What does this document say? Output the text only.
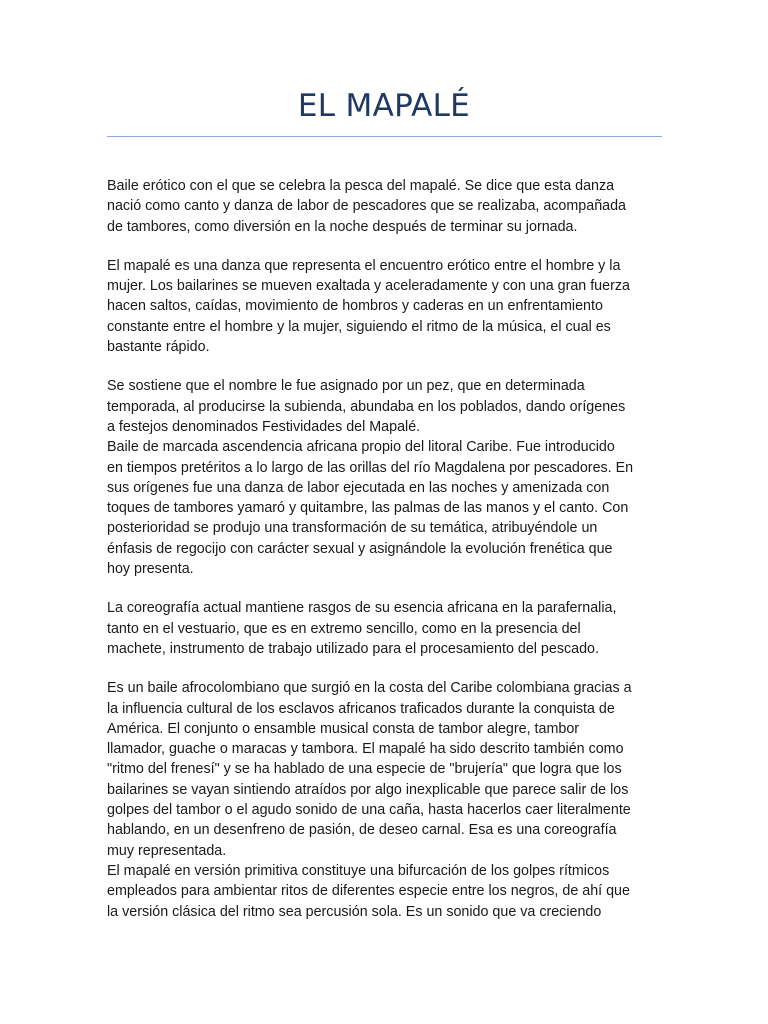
EL MAPALÉ

Baile erótico con el que se celebra la pesca del mapalé. Se dice que esta danza
nació como canto y danza de labor de pescadores que se realizaba, acompañada
de tambores, como diversión en la noche después de terminar su jornada.

El mapalé es una danza que representa el encuentro erótico entre el hombre y la
mujer. Los bailarines se mueven exaltada y aceleradamente y con una gran fuerza
hacen saltos, caídas, movimiento de hombros y caderas en un enfrentamiento
constante entre el hombre y la mujer, siguiendo el ritmo de la música, el cual es
bastante rápido.

Se sostiene que el nombre le fue asignado por un pez, que en determinada
temporada, al producirse la subienda, abundaba en los poblados, dando orígenes
a festejos denominados Festividades del Mapalé.

Baile de marcada ascendencia africana propio del litoral Caribe. Fue introducido
en tiempos pretéritos a lo largo de las orillas del río Magdalena por pescadores. En
sus orígenes fue una danza de labor ejecutada en las noches y amenizada con
toques de tambores yamaró y quitambre, las palmas de las manos y el canto. Con
posterioridad se produjo una transformación de su temática, atribuyéndole un
énfasis de regocijo con carácter sexual y asignándole la evolución frenética que
hoy presenta.

La coreografía actual mantiene rasgos de su esencia africana en la parafernalia,
tanto en el vestuario, que es en extremo sencillo, como en la presencia del
machete, instrumento de trabajo utilizado para el procesamiento del pescado.

Es un baile afrocolombiano que surgió en la costa del Caribe colombiana gracias a
la influencia cultural de los esclavos africanos traficados durante la conquista de
América. El conjunto o ensamble musical consta de tambor alegre, tambor
llamador, guache o maracas y tambora. El mapalé ha sido descrito también como
"ritmo del frenesí" y se ha hablado de una especie de "brujería" que logra que los
bailarines se vayan sintiendo atraídos por algo inexplicable que parece salir de los
golpes del tambor o el agudo sonido de una caña, hasta hacerlos caer literalmente
hablando, en un desenfreno de pasión, de deseo carnal. Esa es una coreografía
muy representada.

El mapalé en versión primitiva constituye una bifurcación de los golpes rítmicos
empleados para ambientar ritos de diferentes especie entre los negros, de ahí que
la versión clásica del ritmo sea percusión sola. Es un sonido que va creciendo
